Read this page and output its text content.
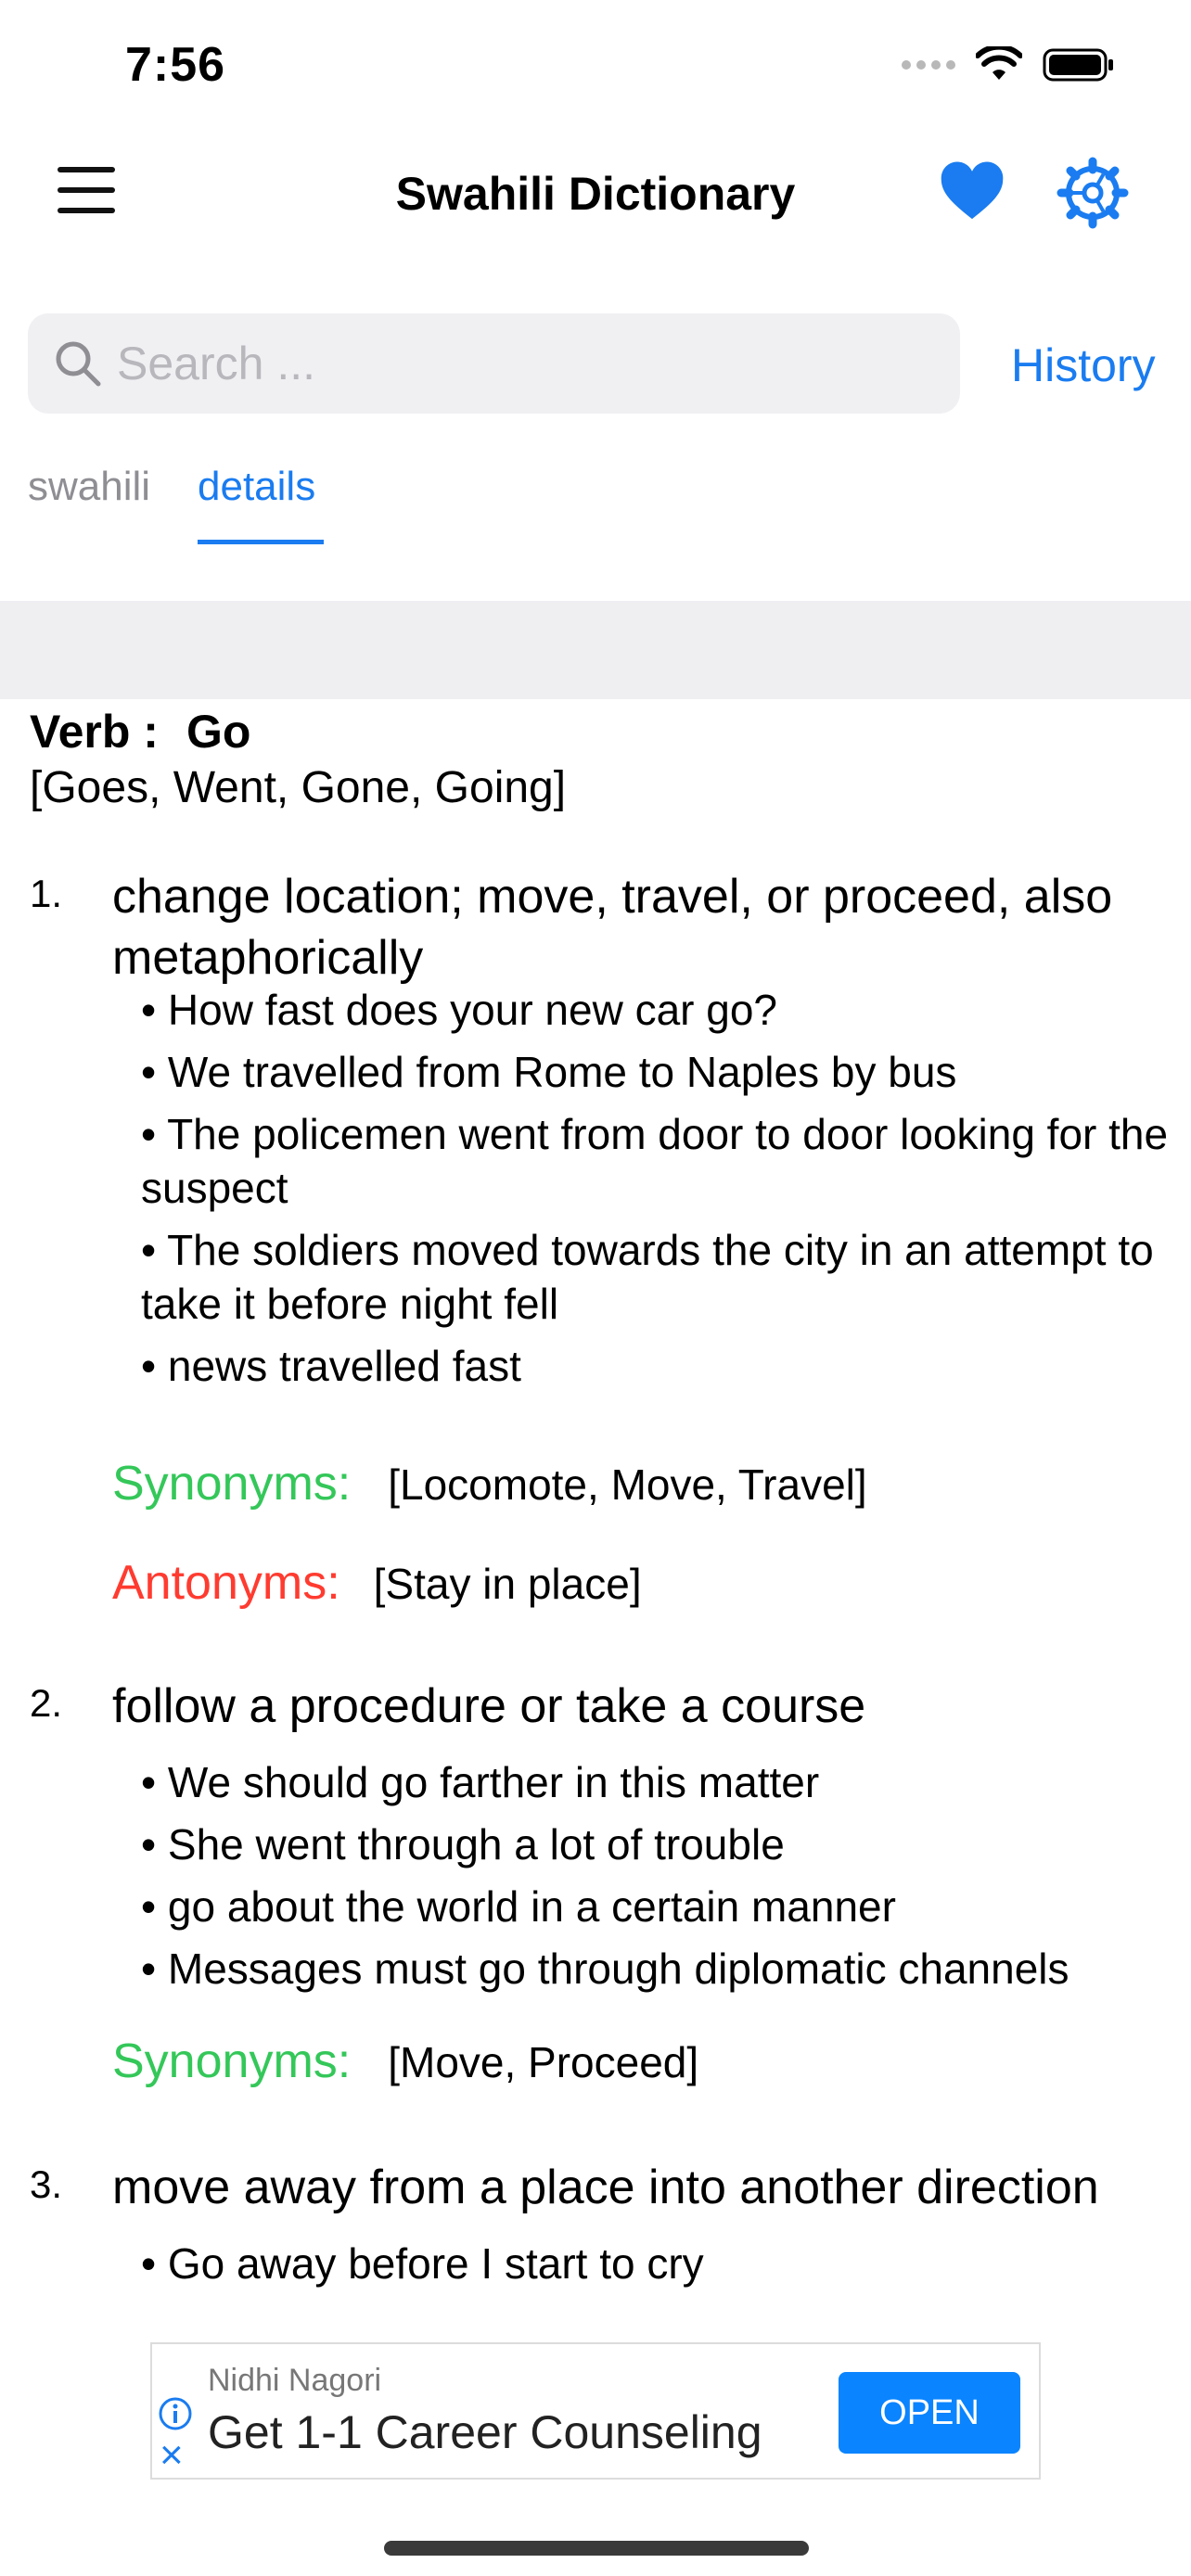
7:56
Swahili Dictionary
Search ...
History
swahili details
Verb : Go
[Goes, Went, Gone, Going]
1. change location; move, travel, or proceed, also metaphorically
• How fast does your new car go?
• We travelled from Rome to Naples by bus
• The policemen went from door to door looking for the suspect
• The soldiers moved towards the city in an attempt to take it before night fell
• news travelled fast
Synonyms: [Locomote, Move, Travel]
Antonyms: [Stay in place]
2. follow a procedure or take a course
• We should go farther in this matter
• She went through a lot of trouble
• go about the world in a certain manner
• Messages must go through diplomatic channels
Synonyms: [Move, Proceed]
3. move away from a place into another direction
• Go away before I start to cry
×
Nidhi Nagori
Get 1-1 Career Counseling	OPEN
